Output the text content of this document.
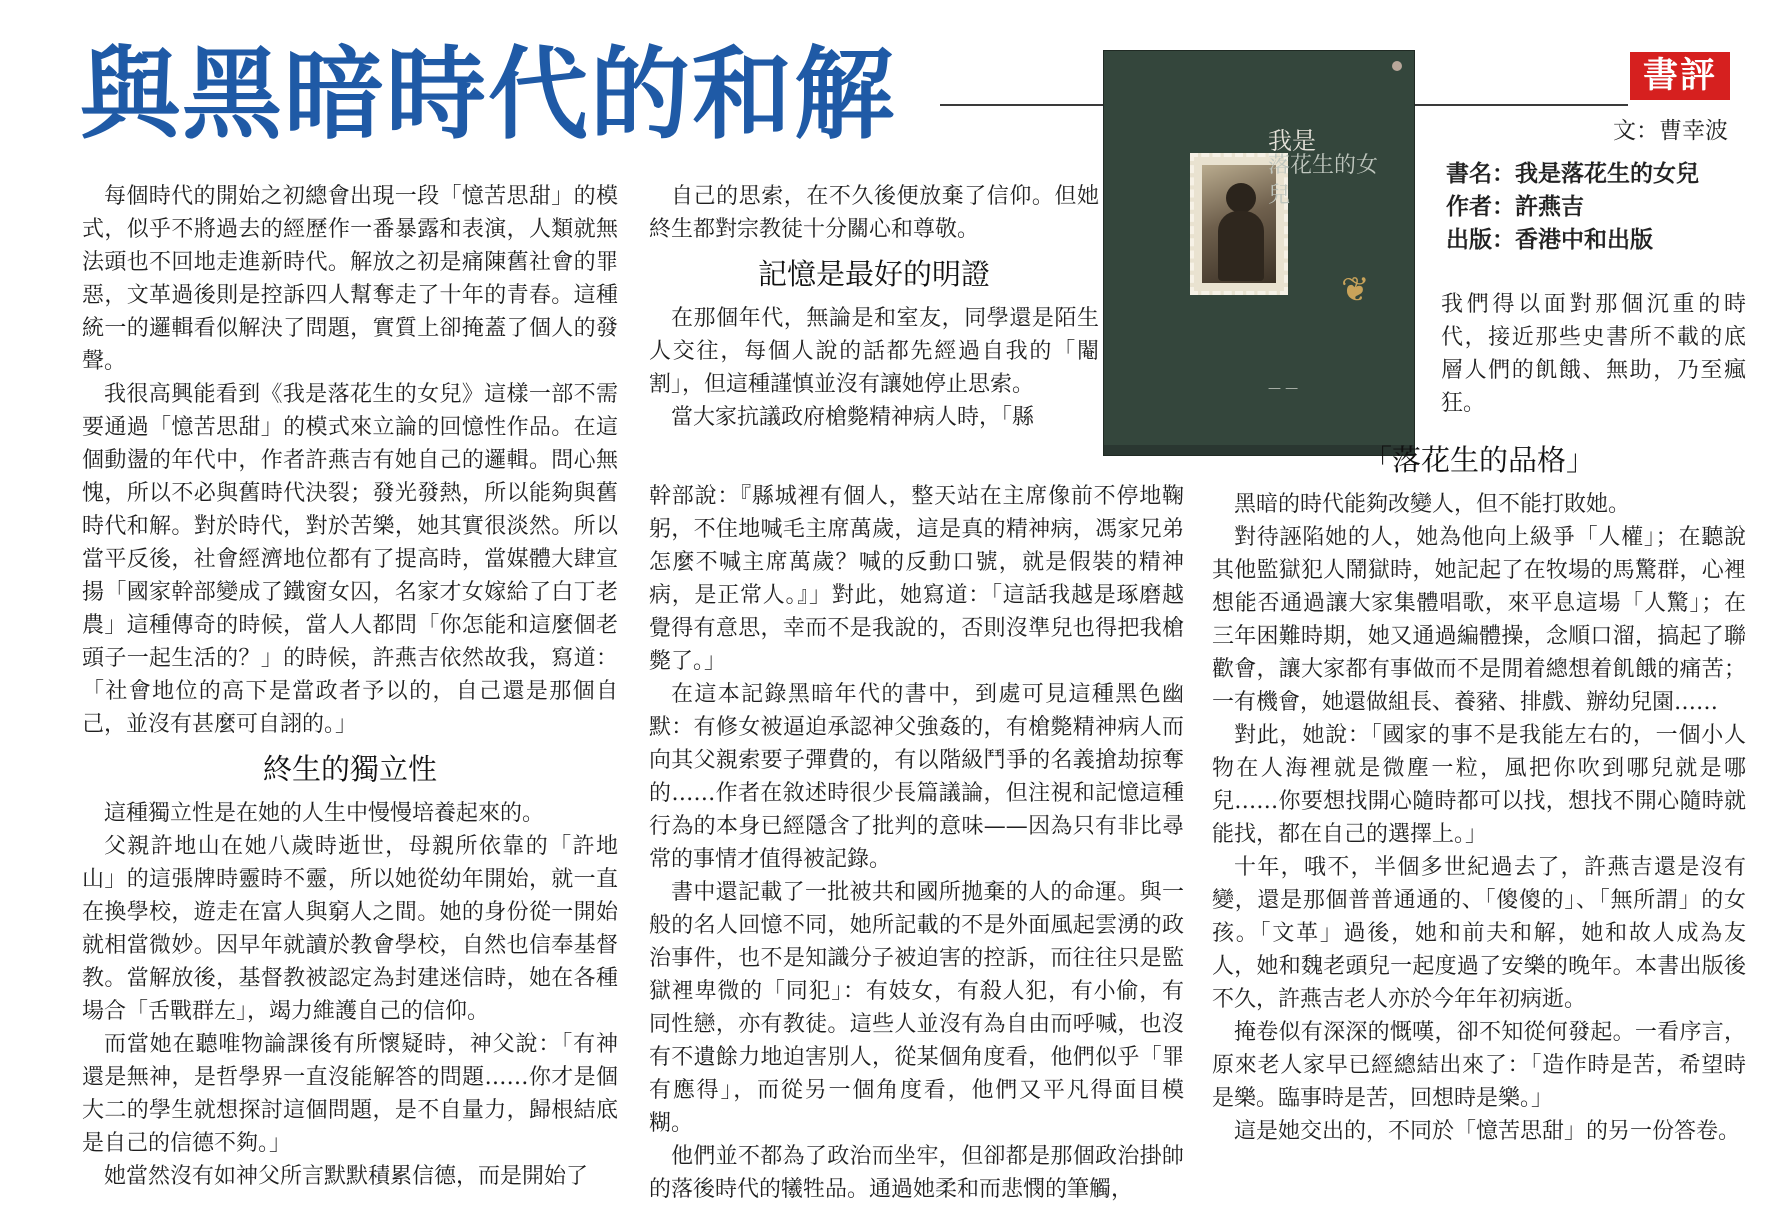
與黑暗時代的和解	書評
文：曹幸波
我是
落花生的女兒
❦
— —

書名：我是落花生的女兒

作者：許燕吉

出版：香港中和出版

每個時代的開始之初總會出現一段「憶苦思甜」的模式，似乎不將過去的經歷作一番暴露和表演，人類就無法頭也不回地走進新時代。解放之初是痛陳舊社會的罪惡，文革過後則是控訴四人幫奪走了十年的青春。這種統一的邏輯看似解決了問題，實質上卻掩蓋了個人的發聲。

我很高興能看到《我是落花生的女兒》這樣一部不需要通過「憶苦思甜」的模式來立論的回憶性作品。在這個動盪的年代中，作者許燕吉有她自己的邏輯。問心無愧，所以不必與舊時代決裂；發光發熱，所以能夠與舊時代和解。對於時代，對於苦樂，她其實很淡然。所以當平反後，社會經濟地位都有了提高時，當媒體大肆宣揚「國家幹部變成了鐵窗女囚，名家才女嫁給了白丁老農」這種傳奇的時候，當人人都問「你怎能和這麼個老頭子一起生活的？」的時候，許燕吉依然故我，寫道：「社會地位的高下是當政者予以的，自己還是那個自己，並沒有甚麼可自詡的。」

終生的獨立性

這種獨立性是在她的人生中慢慢培養起來的。

父親許地山在她八歲時逝世，母親所依靠的「許地山」的這張牌時靈時不靈，所以她從幼年開始，就一直在換學校，遊走在富人與窮人之間。她的身份從一開始就相當微妙。因早年就讀於教會學校，自然也信奉基督教。當解放後，基督教被認定為封建迷信時，她在各種場合「舌戰群左」，竭力維護自己的信仰。

而當她在聽唯物論課後有所懷疑時，神父說：「有神還是無神，是哲學界一直沒能解答的問題……你才是個大二的學生就想探討這個問題，是不自量力，歸根結底是自己的信德不夠。」

她當然沒有如神父所言默默積累信德，而是開始了

自己的思索，在不久後便放棄了信仰。但她終生都對宗教徒十分關心和尊敬。

記憶是最好的明證

在那個年代，無論是和室友，同學還是陌生人交往，每個人說的話都先經過自我的「閹割」，但這種謹慎並沒有讓她停止思索。

當大家抗議政府槍斃精神病人時，「縣

幹部說：『縣城裡有個人，整天站在主席像前不停地鞠躬，不住地喊毛主席萬歲，這是真的精神病，馮家兄弟怎麼不喊主席萬歲？喊的反動口號，就是假裝的精神病，是正常人。』」對此，她寫道：「這話我越是琢磨越覺得有意思，幸而不是我說的，否則沒準兒也得把我槍斃了。」

在這本記錄黑暗年代的書中，到處可見這種黑色幽默：有修女被逼迫承認神父強姦的，有槍斃精神病人而向其父親索要子彈費的，有以階級鬥爭的名義搶劫掠奪的……作者在敘述時很少長篇議論，但注視和記憶這種行為的本身已經隱含了批判的意味——因為只有非比尋常的事情才值得被記錄。

書中還記載了一批被共和國所拋棄的人的命運。與一般的名人回憶不同，她所記載的不是外面風起雲湧的政治事件，也不是知識分子被迫害的控訴，而往往只是監獄裡卑微的「同犯」：有妓女，有殺人犯，有小偷，有同性戀，亦有教徒。這些人並沒有為自由而呼喊，也沒有不遺餘力地迫害別人，從某個角度看，他們似乎「罪有應得」，而從另一個角度看，他們又平凡得面目模糊。

他們並不都為了政治而坐牢，但卻都是那個政治掛帥的落後時代的犧牲品。通過她柔和而悲憫的筆觸，

我們得以面對那個沉重的時代，接近那些史書所不載的底層人們的飢餓、無助，乃至瘋狂。

「落花生的品格」

黑暗的時代能夠改變人，但不能打敗她。

對待誣陷她的人，她為他向上級爭「人權」；在聽說其他監獄犯人鬧獄時，她記起了在牧場的馬驚群，心裡想能否通過讓大家集體唱歌，來平息這場「人驚」；在三年困難時期，她又通過編體操，念順口溜，搞起了聯歡會，讓大家都有事做而不是閒着總想着飢餓的痛苦；一有機會，她還做組長、養豬、排戲、辦幼兒園……

對此，她說：「國家的事不是我能左右的，一個小人物在人海裡就是微塵一粒，風把你吹到哪兒就是哪兒……你要想找開心隨時都可以找，想找不開心隨時就能找，都在自己的選擇上。」

十年，哦不，半個多世紀過去了，許燕吉還是沒有變，還是那個普普通通的、「傻傻的」、「無所謂」的女孩。「文革」過後，她和前夫和解，她和故人成為友人，她和魏老頭兒一起度過了安樂的晚年。本書出版後不久，許燕吉老人亦於今年年初病逝。

掩卷似有深深的慨嘆，卻不知從何發起。一看序言，原來老人家早已經總結出來了：「造作時是苦，希望時是樂。臨事時是苦，回想時是樂。」

這是她交出的，不同於「憶苦思甜」的另一份答卷。
